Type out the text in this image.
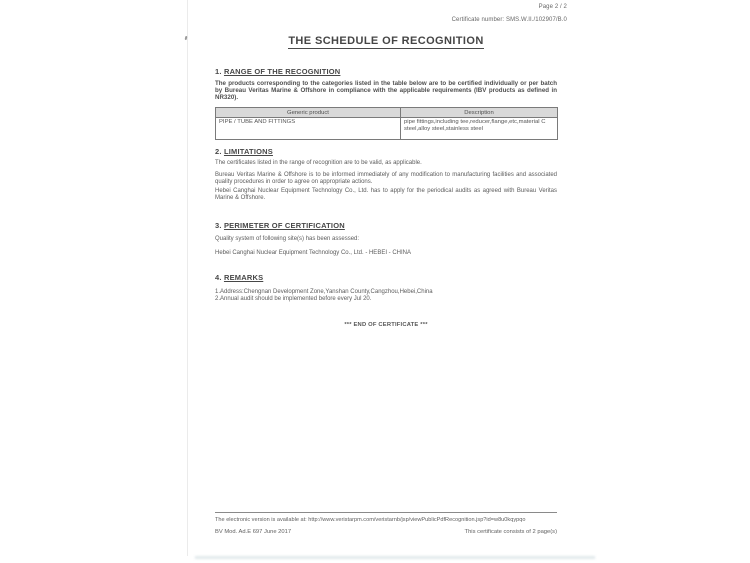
Page 2 / 2
Certificate number: SMS.W.II./102907/B.0
THE SCHEDULE OF RECOGNITION
1. RANGE OF THE RECOGNITION
The products corresponding to the categories listed in the table below are to be certified individually or per batch by Bureau Veritas Marine & Offshore in compliance with the applicable requirements (IBV products as defined in NR320).
Generic product	Description
PIPE / TUBE AND FITTINGS	pipe fittings,including tee,reducer,flange,etc,material C steel,alloy steel,stainless steel
2. LIMITATIONS
The certificates listed in the range of recognition are to be valid, as applicable.
Bureau Veritas Marine & Offshore is to be informed immediately of any modification to manufacturing facilities and associated quality procedures in order to agree on appropriate actions.
Hebei Canghai Nuclear Equipment Technology Co., Ltd. has to apply for the periodical audits as agreed with Bureau Veritas Marine & Offshore.
3. PERIMETER OF CERTIFICATION
Quality system of following site(s) has been assessed:
Hebei Canghai Nuclear Equipment Technology Co., Ltd. - HEBEI - CHINA
4. REMARKS
1.Address:Chengnan Development Zone,Yanshan County,Cangzhou,Hebei,China
2.Annual audit should be implemented before every Jul 20.
*** END OF CERTIFICATE ***
The electronic version is available at: http://www.veristarpm.com/veristarnb/jsp/viewPublicPdfRecognition.jsp?id=w8u0kqypqo
BV Mod. Ad.E 697 June 2017	This certificate consists of 2 page(s)
